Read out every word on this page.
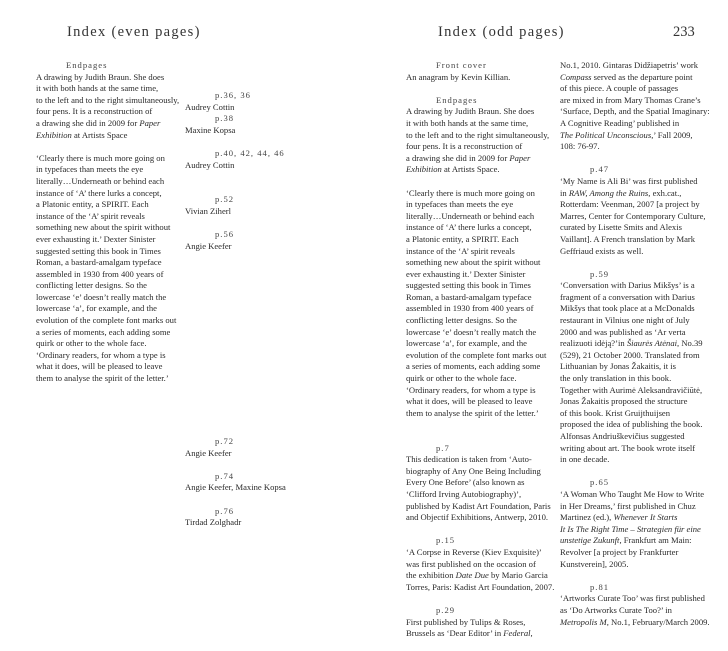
Index (even pages)
Endpages
A drawing by Judith Braun. She does
it with both hands at the same time,
to the left and to the right simultaneously,
four pens. It is a reconstruction of
a drawing she did in 2009 for Paper
Exhibition at Artists Space
‘Clearly there is much more going on
in typefaces than meets the eye
literally…Underneath or behind each
instance of ‘A’ there lurks a concept,
a Platonic entity, a SPIRIT. Each
instance of the ‘A’ spirit reveals
something new about the spirit without
ever exhausting it.’ Dexter Sinister
suggested setting this book in Times
Roman, a bastard-amalgam typeface
assembled in 1930 from 400 years of
conflicting letter designs. So the
lowercase ‘e’ doesn’t really match the
lowercase ‘a’, for example, and the
evolution of the complete font marks out
a series of moments, each adding some
quirk or other to the whole face.
‘Ordinary readers, for whom a type is
what it does, will be pleased to leave
them to analyse the spirit of the letter.’
p.36, 36
Audrey Cottin
p.38
Maxine Kopsa
p.40, 42, 44, 46
Audrey Cottin
p.52
Vivian Ziherl
p.56
Angie Keefer
p.72
Angie Keefer
p.74
Angie Keefer, Maxine Kopsa
p.76
Tirdad Zolghadr
Index (odd pages)	233
Front cover
An anagram by Kevin Killian.
Endpages
A drawing by Judith Braun. She does
it with both hands at the same time,
to the left and to the right simultaneously,
four pens. It is a reconstruction of
a drawing she did in 2009 for Paper
Exhibition at Artists Space.
‘Clearly there is much more going on
in typefaces than meets the eye
literally…Underneath or behind each
instance of ‘A’ there lurks a concept,
a Platonic entity, a SPIRIT. Each
instance of the ‘A’ spirit reveals
something new about the spirit without
ever exhausting it.’ Dexter Sinister
suggested setting this book in Times
Roman, a bastard-amalgam typeface
assembled in 1930 from 400 years of
conflicting letter designs. So the
lowercase ‘e’ doesn’t really match the
lowercase ‘a’, for example, and the
evolution of the complete font marks out
a series of moments, each adding some
quirk or other to the whole face.
‘Ordinary readers, for whom a type is
what it does, will be pleased to leave
them to analyse the spirit of the letter.’
p.7
This dedication is taken from ‘Auto-
biography of Any One Being Including
Every One Before’ (also known as
‘Clifford Irving Autobiography)’,
published by Kadist Art Foundation, Paris
and Objectif Exhibitions, Antwerp, 2010.
p.15
‘A Corpse in Reverse (Kiev Exquisite)’
was first published on the occasion of
the exhibition Date Due by Mario Garcia
Torres, Paris: Kadist Art Foundation, 2007.
p.29
First published by Tulips & Roses,
Brussels as ‘Dear Editor’ in Federal,
No.1, 2010. Gintaras Didžiapetris’ work
Compass served as the departure point
of this piece. A couple of passages
are mixed in from Mary Thomas Crane’s
‘Surface, Depth, and the Spatial Imaginary:
A Cognitive Reading’ published in
The Political Unconscious,’ Fall 2009,
108: 76-97.
p.47
‘My Name is Ali Bi’ was first published
in RAW, Among the Ruins, exh.cat.,
Rotterdam: Veenman, 2007 [a project by
Marres, Center for Contemporary Culture,
curated by Lisette Smits and Alexis
Vaillant]. A French translation by Mark
Geffriaud exists as well.
p.59
‘Conversation with Darius Mikšys’ is a
fragment of a conversation with Darius
Mikšys that took place at a McDonalds
restaurant in Vilnius one night of July
2000 and was published as ‘Ar verta
realizuoti idėją?’in Šiaurės Atėnai, No.39
(529), 21 October 2000. Translated from
Lithuanian by Jonas Žakaitis, it is
the only translation in this book.
Together with Aurimė Aleksandravičiūtė,
Jonas Žakaitis proposed the structure
of this book. Krist Gruijthuijsen
proposed the idea of publishing the book.
Alfonsas Andriuškevičius suggested
writing about art. The book wrote itself
in one decade.
p.65
‘A Woman Who Taught Me How to Write
in Her Dreams,’ first published in Chuz
Martinez (ed.), Whenever It Starts
It Is The Right Time – Strategien für eine
unstetige Zukunft, Frankfurt am Main:
Revolver [a project by Frankfurter
Kunstverein], 2005.
p.81
‘Artworks Curate Too’ was first published
as ‘Do Artworks Curate Too?’ in
Metropolis M, No.1, February/March 2009.
